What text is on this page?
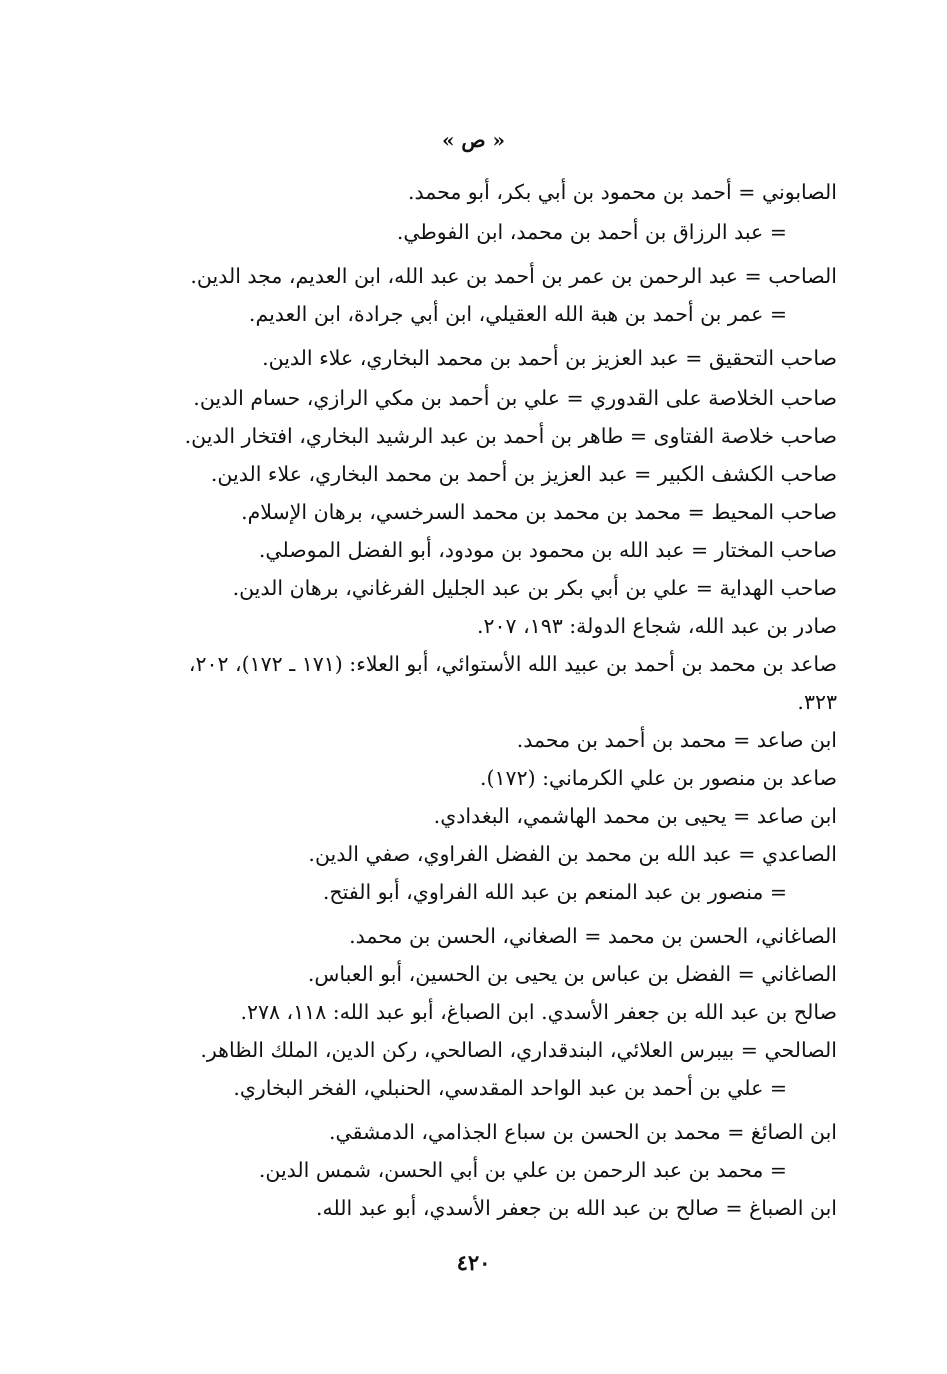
« ص »
الصابوني = أحمد بن محمود بن أبي بكر، أبو محمد.
= عبد الرزاق بن أحمد بن محمد، ابن الفوطي.
الصاحب = عبد الرحمن بن عمر بن أحمد بن عبد الله، ابن العديم، مجد الدين.
= عمر بن أحمد بن هبة الله العقيلي، ابن أبي جرادة، ابن العديم.
صاحب التحقيق = عبد العزيز بن أحمد بن محمد البخاري، علاء الدين.
صاحب الخلاصة على القدوري = علي بن أحمد بن مكي الرازي، حسام الدين.
صاحب خلاصة الفتاوى = طاهر بن أحمد بن عبد الرشيد البخاري، افتخار الدين.
صاحب الكشف الكبير = عبد العزيز بن أحمد بن محمد البخاري، علاء الدين.
صاحب المحيط = محمد بن محمد بن محمد السرخسي، برهان الإسلام.
صاحب المختار = عبد الله بن محمود بن مودود، أبو الفضل الموصلي.
صاحب الهداية = علي بن أبي بكر بن عبد الجليل الفرغاني، برهان الدين.
صادر بن عبد الله، شجاع الدولة: ١٩٣، ٢٠٧.
صاعد بن محمد بن أحمد بن عبيد الله الأستوائي، أبو العلاء: (١٧١ ـ ١٧٢)، ٢٠٢،
٣٢٣.
ابن صاعد = محمد بن أحمد بن محمد.
صاعد بن منصور بن علي الكرماني: (١٧٢).
ابن صاعد = يحيى بن محمد الهاشمي، البغدادي.
الصاعدي = عبد الله بن محمد بن الفضل الفراوي، صفي الدين.
= منصور بن عبد المنعم بن عبد الله الفراوي، أبو الفتح.
الصاغاني، الحسن بن محمد = الصغاني، الحسن بن محمد.
الصاغاني = الفضل بن عباس بن يحيى بن الحسين، أبو العباس.
صالح بن عبد الله بن جعفر الأسدي. ابن الصباغ، أبو عبد الله: ١١٨، ٢٧٨.
الصالحي = بيبرس العلائي، البندقداري، الصالحي، ركن الدين، الملك الظاهر.
= علي بن أحمد بن عبد الواحد المقدسي، الحنبلي، الفخر البخاري.
ابن الصائغ = محمد بن الحسن بن سباع الجذامي، الدمشقي.
= محمد بن عبد الرحمن بن علي بن أبي الحسن، شمس الدين.
ابن الصباغ = صالح بن عبد الله بن جعفر الأسدي، أبو عبد الله.
٤٢٠
